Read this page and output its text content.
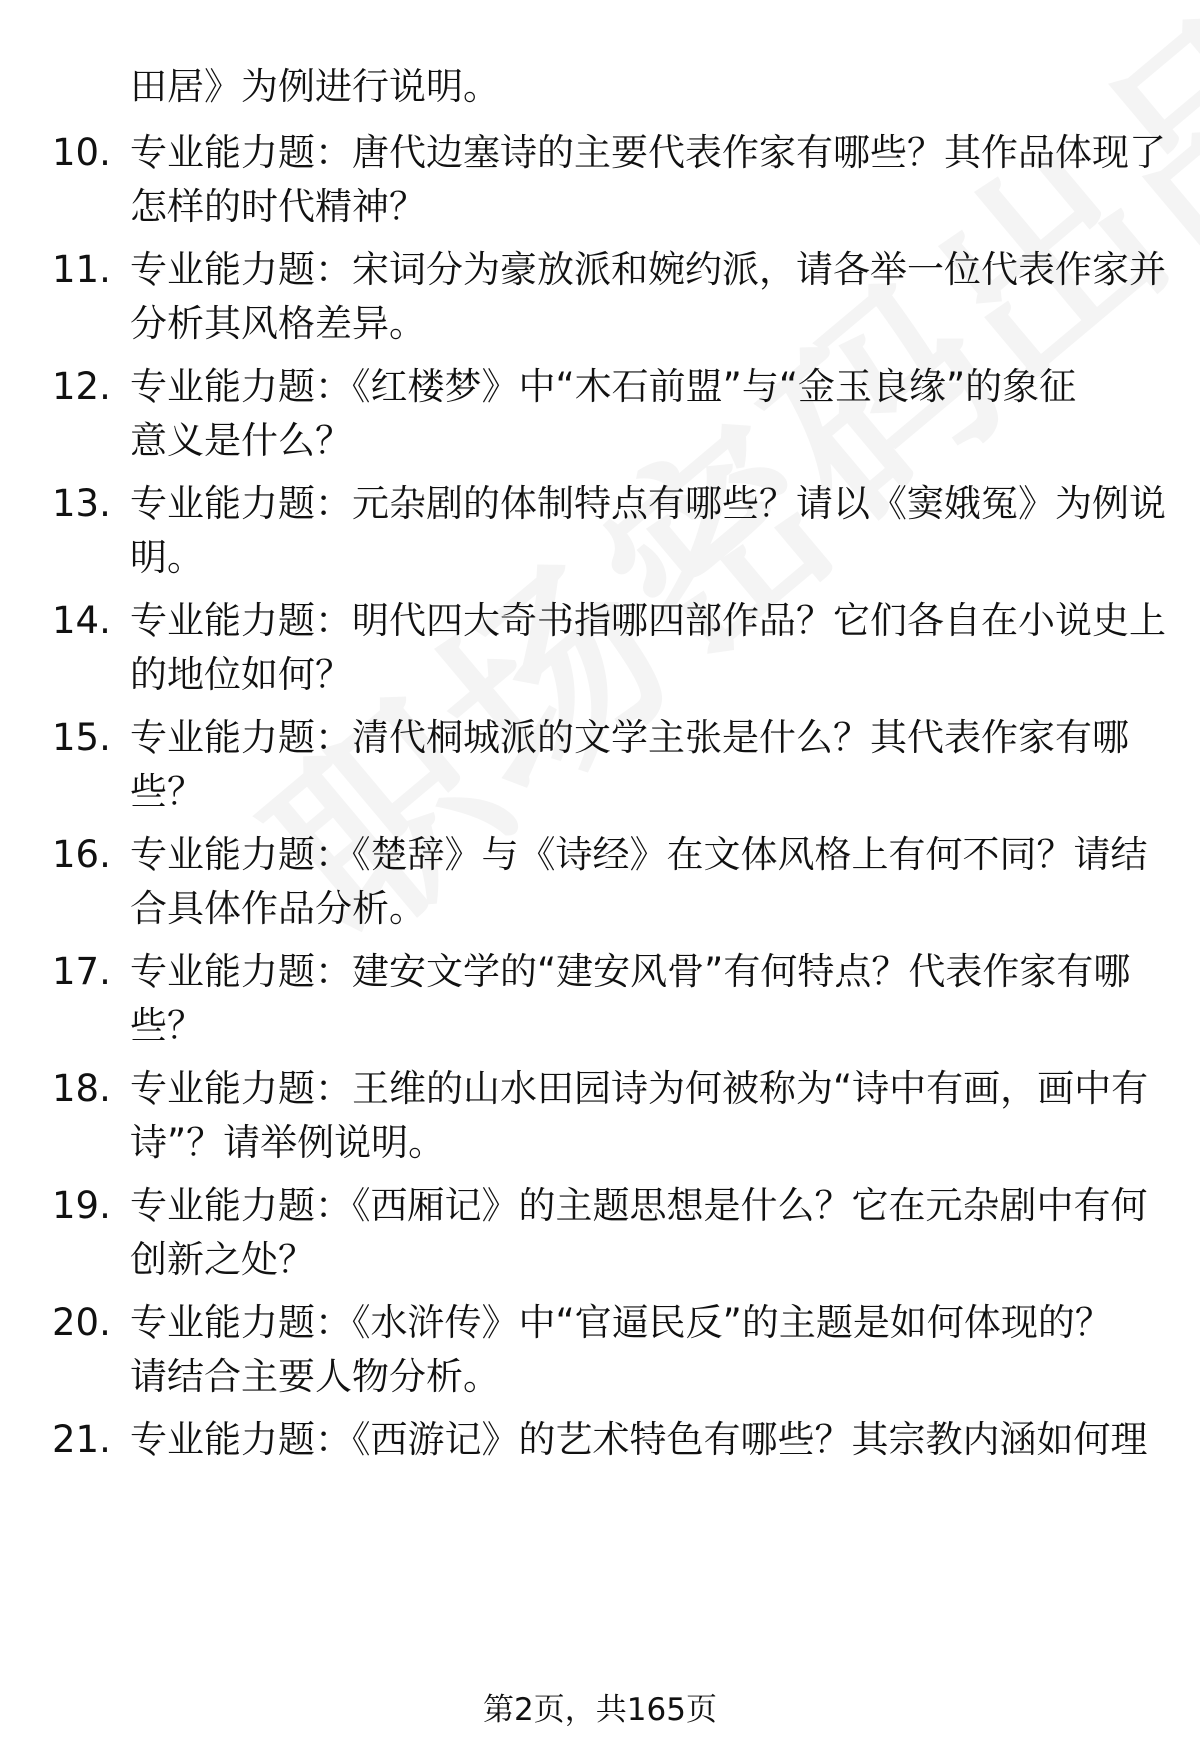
田居》为例进行说明。
10. 专业能力题：唐代边塞诗的主要代表作家有哪些？其作品体现了
怎样的时代精神？
11. 专业能力题：宋词分为豪放派和婉约派，请各举一位代表作家并
分析其风格差异。
12. 专业能力题：《红楼梦》中“木石前盟”与“金玉良缘”的象征
意义是什么？
13. 专业能力题：元杂剧的体制特点有哪些？请以《窦娥冤》为例说
明。
14. 专业能力题：明代四大奇书指哪四部作品？它们各自在小说史上
的地位如何？
15. 专业能力题：清代桐城派的文学主张是什么？其代表作家有哪
些？
16. 专业能力题：《楚辞》与《诗经》在文体风格上有何不同？请结
合具体作品分析。
17. 专业能力题：建安文学的“建安风骨”有何特点？代表作家有哪
些？
18. 专业能力题：王维的山水田园诗为何被称为“诗中有画，画中有
诗”？请举例说明。
19. 专业能力题：《西厢记》的主题思想是什么？它在元杂剧中有何
创新之处？
20. 专业能力题：《水浒传》中“官逼民反”的主题是如何体现的？
请结合主要人物分析。
21. 专业能力题：《西游记》的艺术特色有哪些？其宗教内涵如何理
第2页，共165页
